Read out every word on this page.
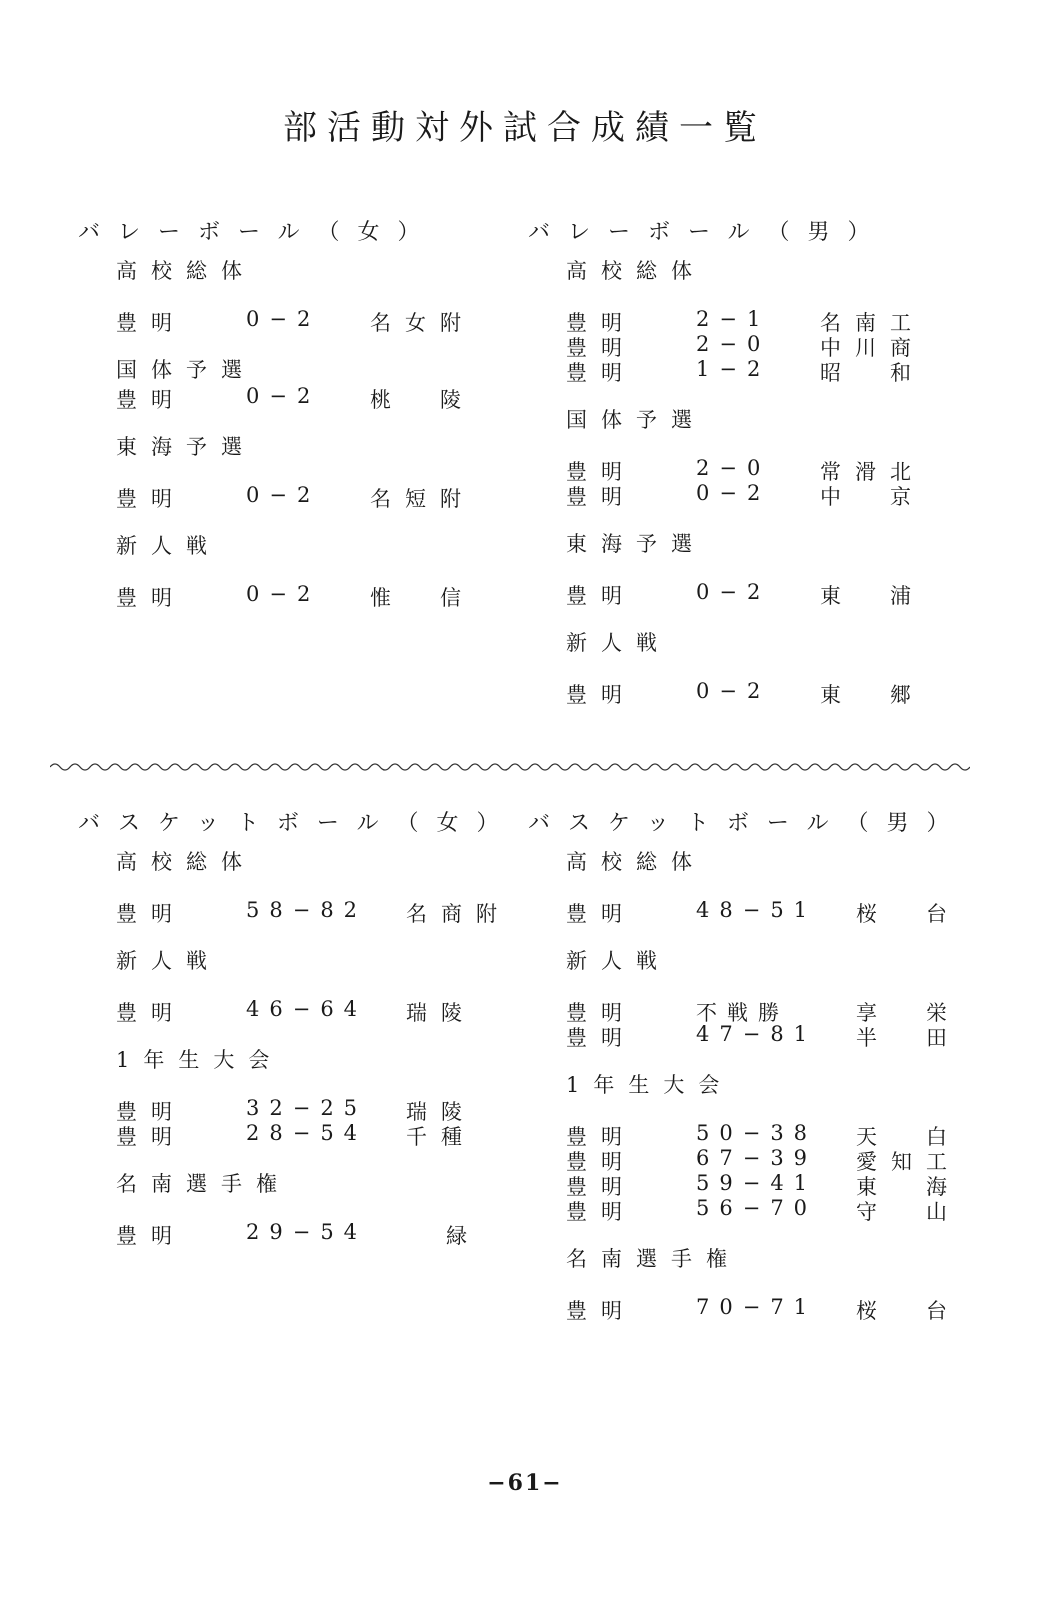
部活動対外試合成績一覧
バレーボール（女）
高校総体
豊明	0−2 名女附
国体予選
豊明	0−2 桃　陵
東海予選
豊明	0−2 名短附
新人戦
豊明	0−2 惟　信
バレーボール（男）
高校総体
豊明	2−1 名南工
豊明	2−0 中川商
豊明	1−2 昭　和
国体予選
豊明	2−0 常滑北
豊明	0−2 中　京
東海予選
豊明	0−2 東　浦
新人戦
豊明	0−2 東　郷
バスケットボール（女）
高校総体
豊明	58−82 名商附
新人戦
豊明	46−64 瑞陵
1年生大会
豊明	32−25 瑞陵
豊明	28−54 千種
名南選手権
豊明	29−54	緑
バスケットボール（男）
高校総体
豊明	48−51 桜　台
新人戦
豊明	不戦勝	享　栄
豊明	47−81 半　田
1年生大会
豊明	50−38 天　白
豊明	67−39 愛知工
豊明	59−41 東　海
豊明	56−70 守　山
名南選手権
豊明	70−71 桜　台
−61−
